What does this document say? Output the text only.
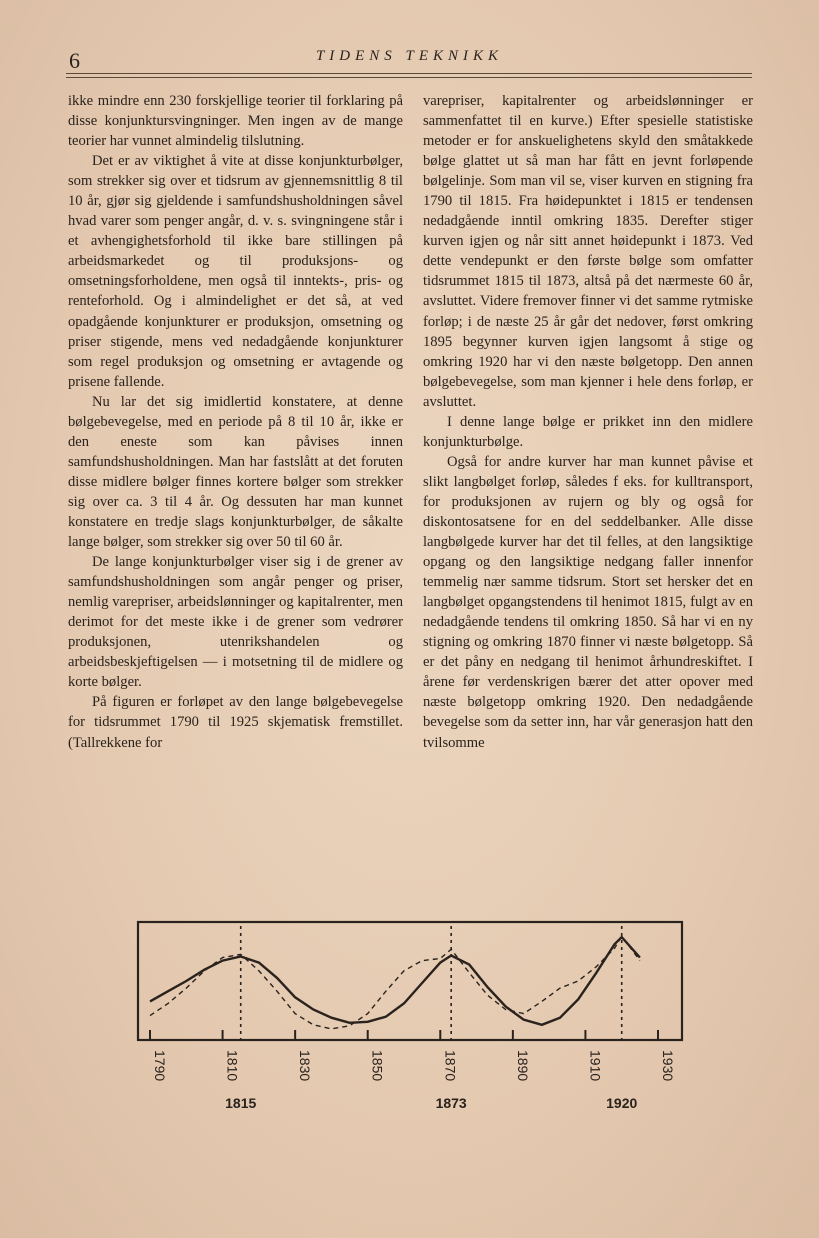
6	TIDENS TEKNIKK

ikke mindre enn 230 forskjellige teorier til forklaring på disse konjunktursvingninger. Men ingen av de mange teorier har vunnet almindelig tilslutning.

Det er av viktighet å vite at disse konjunkturbølger, som strekker sig over et tidsrum av gjennemsnittlig 8 til 10 år, gjør sig gjeldende i samfundshusholdningen såvel hvad varer som penger angår, d. v. s. svingningene står i et avhengighetsforhold til ikke bare stillingen på arbeidsmarkedet og til produksjons- og omsetningsforholdene, men også til inntekts-, pris- og renteforhold. Og i almindelighet er det så, at ved opadgående konjunkturer er produksjon, omsetning og priser stigende, mens ved nedadgående konjunkturer som regel produksjon og omsetning er avtagende og prisene fallende.

Nu lar det sig imidlertid konstatere, at denne bølgebevegelse, med en periode på 8 til 10 år, ikke er den eneste som kan påvises innen samfundshusholdningen. Man har fastslått at det foruten disse midlere bølger finnes kortere bølger som strekker sig over ca. 3 til 4 år. Og dessuten har man kunnet konstatere en tredje slags konjunkturbølger, de såkalte lange bølger, som strekker sig over 50 til 60 år.

De lange konjunkturbølger viser sig i de grener av samfundshusholdningen som angår penger og priser, nemlig varepriser, arbeidslønninger og kapitalrenter, men derimot for det meste ikke i de grener som vedrører produksjonen, utenrikshandelen og arbeidsbeskjeftigelsen — i motsetning til de midlere og korte bølger.

På figuren er forløpet av den lange bølgebevegelse for tidsrummet 1790 til 1925 skjematisk fremstillet. (Tallrekkene for

varepriser, kapitalrenter og arbeidslønninger er sammenfattet til en kurve.) Efter spesielle statistiske metoder er for anskuelighetens skyld den småtakkede bølge glattet ut så man har fått en jevnt forløpende bølgelinje. Som man vil se, viser kurven en stigning fra 1790 til 1815. Fra høidepunktet i 1815 er tendensen nedadgående inntil omkring 1835. Derefter stiger kurven igjen og når sitt annet høidepunkt i 1873. Ved dette vendepunkt er den første bølge som omfatter tidsrummet 1815 til 1873, altså på det nærmeste 60 år, avsluttet. Videre fremover finner vi det samme rytmiske forløp; i de næste 25 år går det nedover, først omkring 1895 begynner kurven igjen langsomt å stige og omkring 1920 har vi den næste bølgetopp. Den annen bølgebevegelse, som man kjenner i hele dens forløp, er avsluttet.

I denne lange bølge er prikket inn den midlere konjunkturbølge.

Også for andre kurver har man kunnet påvise et slikt langbølget forløp, således f eks. for kulltransport, for produksjonen av rujern og bly og også for diskontosatsene for en del seddelbanker. Alle disse langbølgede kurver har det til felles, at den langsiktige opgang og den langsiktige nedgang faller innenfor temmelig nær samme tidsrum. Stort set hersker det en langbølget opgangstendens til henimot 1815, fulgt av en nedadgående tendens til omkring 1850. Så har vi en ny stigning og omkring 1870 finner vi næste bølgetopp. Så er det påny en nedgang til henimot århundreskiftet. I årene før verdenskrigen bærer det atter opover med næste bølgetopp omkring 1920. Den nedadgående bevegelse som da setter inn, har vår generasjon hatt den tvilsomme

1790	1810	1830	1850	1870	1890	1910	1930
1815	1873	1920
